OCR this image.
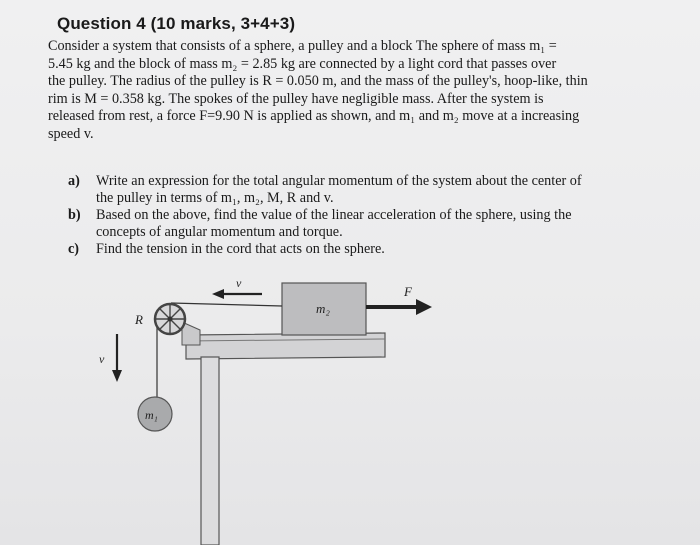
Question 4 (10 marks, 3+4+3)
Consider a system that consists of a sphere, a pulley and a block The sphere of mass m₁ =
5.45 kg and the block of mass m₂ = 2.85 kg are connected by a light cord that passes over
the pulley. The radius of the pulley is R = 0.050 m, and the mass of the pulley's, hoop-like, thin
rim is M = 0.358 kg. The spokes of the pulley have negligible mass. After the system is
released from rest, a force F=9.90 N is applied as shown, and m₁ and m₂ move at a increasing
speed v.
a)	Write an expression for the total angular momentum of the system about the center of
the pulley in terms of m₁, m₂, M, R and v.
b)	Based on the above, find the value of the linear acceleration of the sphere, using the
concepts of angular momentum and torque.
c)	Find the tension in the cord that acts on the sphere.
m₂
R
m₁
v⃗
v⃗
F⃗
